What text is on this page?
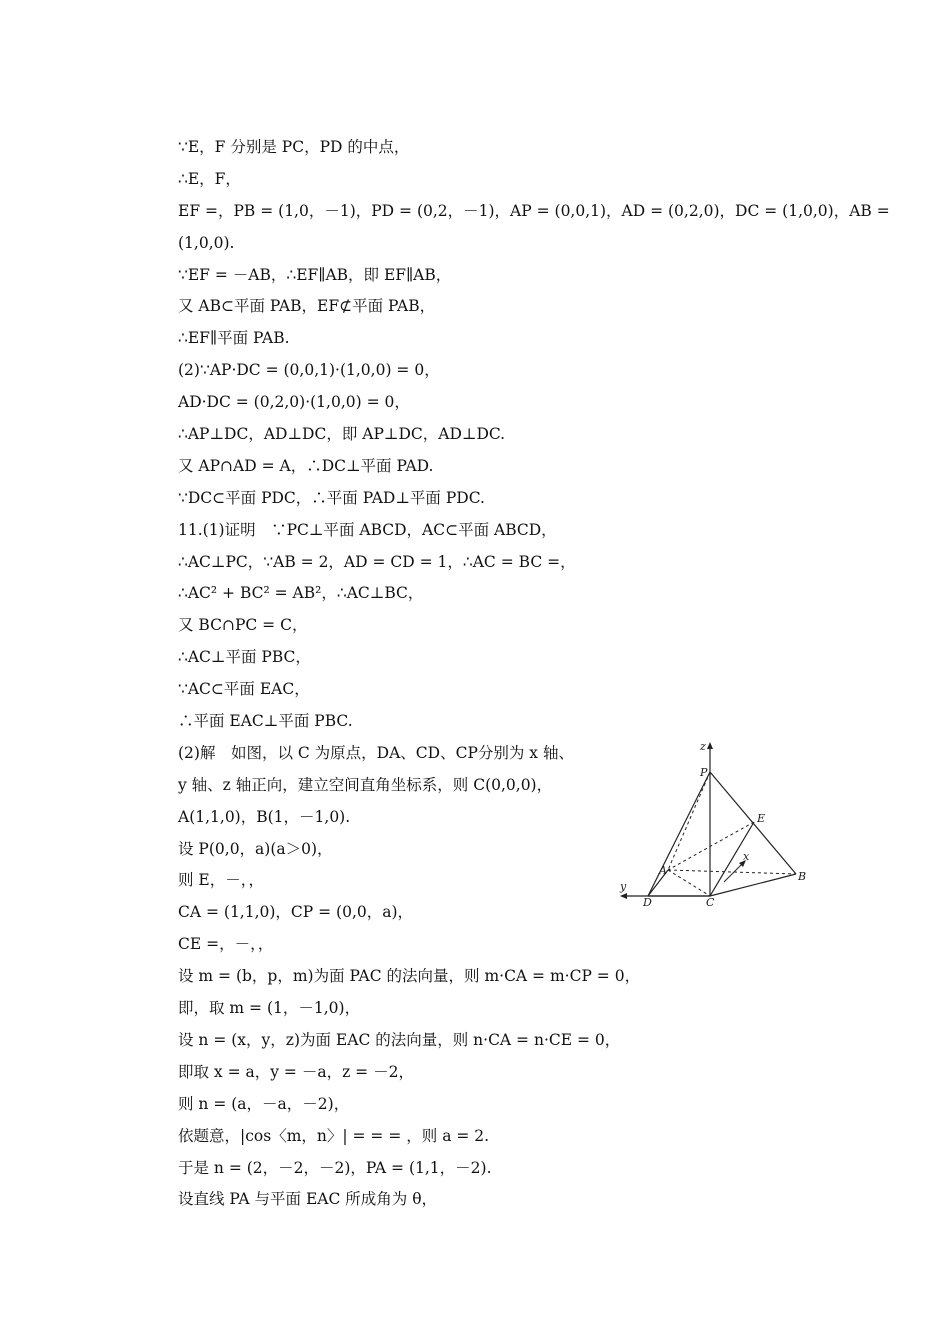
∵E，F 分别是 PC，PD 的中点，
∴E，F，
EF =，PB = (1,0，－1)，PD = (0,2，－1)，AP = (0,0,1)，AD = (0,2,0)，DC = (1,0,0)，AB =
(1,0,0).
∵EF = －AB，∴EF∥AB，即 EF∥AB，
又 AB⊂平面 PAB，EF⊄平面 PAB，
∴EF∥平面 PAB.
(2)∵AP·DC = (0,0,1)·(1,0,0) = 0，
AD·DC = (0,2,0)·(1,0,0) = 0，
∴AP⊥DC，AD⊥DC，即 AP⊥DC，AD⊥DC.
又 AP∩AD = A，∴DC⊥平面 PAD.
∵DC⊂平面 PDC，∴平面 PAD⊥平面 PDC.
11.(1)证明　∵PC⊥平面 ABCD，AC⊂平面 ABCD，
∴AC⊥PC，∵AB = 2，AD = CD = 1，∴AC = BC =，
∴AC² + BC² = AB²，∴AC⊥BC，
又 BC∩PC = C，
∴AC⊥平面 PBC，
∵AC⊂平面 EAC，
∴平面 EAC⊥平面 PBC.
(2)解　如图，以 C 为原点，DA、CD、CP分别为 x 轴、
y 轴、z 轴正向，建立空间直角坐标系，则 C(0,0,0)，
A(1,1,0)，B(1，－1,0).
设 P(0,0，a)(a＞0)，
则 E，－，，
CA = (1,1,0)，CP = (0,0，a)，
CE =，－，，
设 m = (b，p，m)为面 PAC 的法向量，则 m·CA = m·CP = 0，
即，取 m = (1，－1,0)，
设 n = (x，y，z)为面 EAC 的法向量，则 n·CA = n·CE = 0，
即取 x = a，y = －a，z = －2，
则 n = (a，－a，－2)，
依题意，|cos〈m，n〉| = = = ，则 a = 2.
于是 n = (2，－2，－2)，PA = (1,1，－2).
设直线 PA 与平面 EAC 所成角为 θ，
z
P
E
x
A	B
y
D	C
